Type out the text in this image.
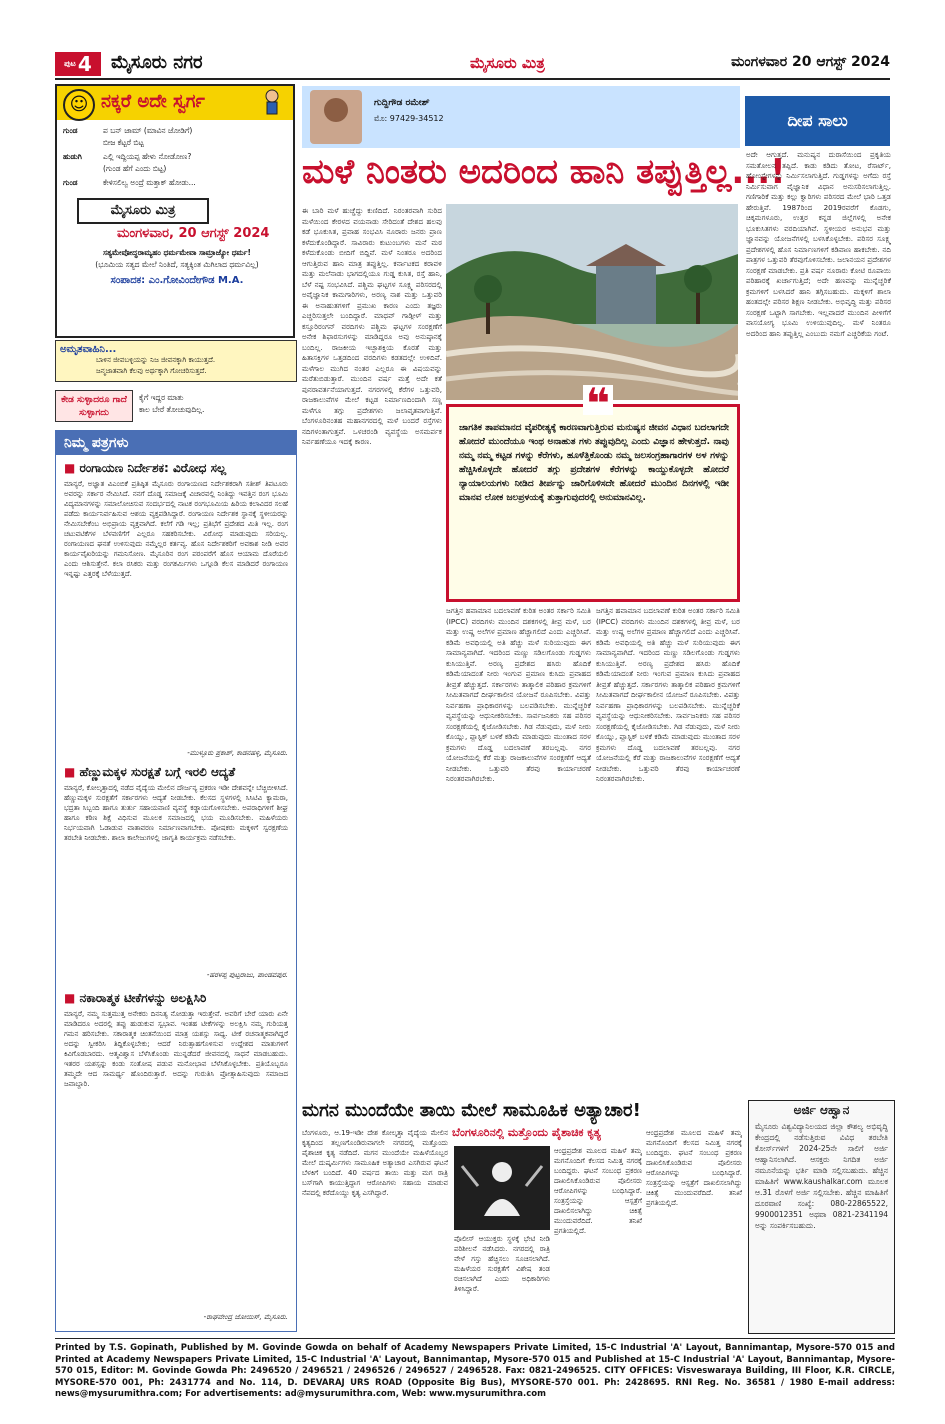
$^{ಪುಟ}$ 4	ಮೈಸೂರು ನಗರ	ಮೈಸೂರು ಮಿತ್ರ	ಮಂಗಳವಾರ 20 ಆಗಸ್ಟ್ 2024
☺ ನಕ್ಕರೆ ಅದೇ ಸ್ವರ್ಗ
ಗುಂಡ	ಪ ಬನ್ ಜಾಮ್ (ಮಾವಿನ ಜೋಡಿಗೆ)
ಬೀಜ ಕೆಟ್ಟರೆ ಬಿಟ್ಟ
ಹುಡುಗಿ	ಎಲ್ಲಿ ಇದ್ದಿಯಪ್ಪ ಹೇಳು ನೋಡೋಣ?
(ಗುಂಡ ಹೆಗೆ ಎಂದು ಬಿಟ್ಟ)
ಗುಂಡ	ಕೇಳಿಸಲಿಲ್ವ ಅಂದ್ರೆ ಮತ್ತಾಕ್ ಹೋಡು...
ಮೈಸೂರು ಮಿತ್ರ
ಮಂಗಳವಾರ, 20 ಆಗಸ್ಟ್ 2024
ಸತ್ಯಮೇವೋದ್ಧರಾಮ್ಯಹಂ ಧರ್ಮಮೇವಾ ಸಾಮ್ರಾಜ್ಯೋ ಧರ್ಮ!
(ಭೂಮಿಯ ಸತ್ಯದ ಮೇಲೆ ನಿಂತಿದೆ, ಸತ್ಯಕ್ಕಿಂತ ಮಿಗಿಲಾದ ಧರ್ಮವಿಲ್ಲ)
ಸಂಪಾದಕ: ಎಂ.ಗೋವಿಂದೇಗೌಡ M.A.
ಅಮೃತವಾಹಿನಿ...
ಬಾಳಿನ ಜೀವಬಳ್ಳಿಯನ್ನು ನಿಜ ಜೀವನಕ್ಕಾಗಿ ಕಾಯುತ್ತದೆ.
ಜನ್ಮಜಾತವಾಗಿ ಕೆಲವು ಅರ್ಥಕ್ಕಾಗಿ ಗೋಚರಿಸುತ್ತದೆ.
ಕೇಡ ಸುಳ್ಳಾದರೂ ಗಾದೆ ಸುಳ್ಳಾಗದು
ಕೈಗೆ ಇದ್ದರ ಮಾತು
ಕಾಲ ಬೇರೆ ತೋಚುವುದಿಲ್ಲ.
ನಿಮ್ಮ ಪತ್ರಗಳು
■ ರಂಗಾಯಣ ನಿರ್ದೇಶಕ: ವಿರೋಧ ಸಲ್ಲ
ಮಾನ್ಯರೆ, ಅಜ್ಞಾತ ವಿಎಂಬಿಕೆ ಪ್ರತಿಷ್ಠಿತ ಮೈಸೂರು ರಂಗಾಯಣದ ನಿರ್ದೇಶಕರಾಗಿ ಸತೀಶ್ ತಿಪಟೂರು ಅವರನ್ನು ಸರ್ಕಾರ ನೇಮಿಸಿದೆ. ನನಗೆ ದೊಡ್ಡ ಸಮಾಜಕ್ಕೆ ವಿಚಾರವಲ್ಲಿ ನಿಂತಿದ್ದು ಇವತ್ತಿನ ರಂಗ ಭೂಮಿ ವಿದ್ಯಮಾನಗಳನ್ನು ಸಮಾಲೋಚಿಸುವ ಸಂದರ್ಭದಲ್ಲಿ ನಾಟಕ ರಂಗಭೂಮಿಯ ಹಿರಿಯ ಕಲಾವಿದರ ಸಲಹೆ ಪಡೆದು ಕಾರ್ಯನಿರ್ವಹಿಸುವ ಆಶಯ ವ್ಯಕ್ತಪಡಿಸಿದ್ದಾರೆ. ರಂಗಾಯಣ ನಿರ್ದೇಶಕ ಸ್ಥಾನಕ್ಕೆ ಸ್ಥಳೀಯರನ್ನು ನೇಮಿಸಬೇಕೆಂಬ ಅಭಿಪ್ರಾಯ ವ್ಯಕ್ತವಾಗಿದೆ. ಕಲೆಗೆ ಗಡಿ ಇಲ್ಲ; ಪ್ರತಿಭೆಗೆ ಪ್ರದೇಶದ ಮಿತಿ ಇಲ್ಲ. ರಂಗ ಚಟುವಟಿಕೆಗಳ ಬೆಳವಣಿಗೆಗೆ ಎಲ್ಲರೂ ಸಹಕರಿಸಬೇಕು. ವಿರೋಧ ಮಾಡುವುದು ಸರಿಯಲ್ಲ. ರಂಗಾಯಣದ ಘನತೆ ಉಳಿಸುವುದು ನಮ್ಮೆಲ್ಲರ ಕರ್ತವ್ಯ. ಹೊಸ ನಿರ್ದೇಶಕರಿಗೆ ಅವಕಾಶ ನೀಡಿ ಅವರ ಕಾರ್ಯವೈಖರಿಯನ್ನು ಗಮನಿಸೋಣ. ಮೈಸೂರಿನ ರಂಗ ಪರಂಪರೆಗೆ ಹೊಸ ಆಯಾಮ ದೊರೆಯಲಿ ಎಂದು ಆಶಿಸುತ್ತೇನೆ. ಕಲಾ ರಸಿಕರು ಮತ್ತು ರಂಗಕರ್ಮಿಗಳು ಒಗ್ಗೂಡಿ ಕೆಲಸ ಮಾಡಿದರೆ ರಂಗಾಯಣ ಇನ್ನಷ್ಟು ಎತ್ತರಕ್ಕೆ ಬೆಳೆಯುತ್ತದೆ.
-ಮುಳ್ಳೂರು ಪ್ರಕಾಶ್, ಕಾಡನಹಳ್ಳಿ, ಮೈಸೂರು.
■ ಹೆಣ್ಣುಮಕ್ಕಳ ಸುರಕ್ಷತೆ ಬಗ್ಗೆ ಇರಲಿ ಆದ್ಯತೆ
ಮಾನ್ಯರೆ, ಕೋಲ್ಕತ್ತಾದಲ್ಲಿ ನಡೆದ ವೈದ್ಯೆಯ ಮೇಲಿನ ದೌರ್ಜನ್ಯ ಪ್ರಕರಣ ಇಡೀ ದೇಶವನ್ನೇ ಬೆಚ್ಚಿಬೀಳಿಸಿದೆ. ಹೆಣ್ಣುಮಕ್ಕಳ ಸುರಕ್ಷತೆಗೆ ಸರ್ಕಾರಗಳು ಆದ್ಯತೆ ನೀಡಬೇಕು. ಕೆಲಸದ ಸ್ಥಳಗಳಲ್ಲಿ ಸಿಸಿಟಿವಿ ಕ್ಯಾಮರಾ, ಭದ್ರತಾ ಸಿಬ್ಬಂದಿ ಹಾಗೂ ತುರ್ತು ಸಹಾಯವಾಣಿ ವ್ಯವಸ್ಥೆ ಕಡ್ಡಾಯಗೊಳಿಸಬೇಕು. ಅಪರಾಧಿಗಳಿಗೆ ಶೀಘ್ರ ಹಾಗೂ ಕಠಿಣ ಶಿಕ್ಷೆ ವಿಧಿಸುವ ಮೂಲಕ ಸಮಾಜದಲ್ಲಿ ಭಯ ಮೂಡಿಸಬೇಕು. ಮಹಿಳೆಯರು ನಿರ್ಭಯವಾಗಿ ಓಡಾಡುವ ವಾತಾವರಣ ನಿರ್ಮಾಣವಾಗಬೇಕು. ಪೋಷಕರು ಮಕ್ಕಳಿಗೆ ಸ್ವರಕ್ಷಣೆಯ ತರಬೇತಿ ನೀಡಬೇಕು. ಶಾಲಾ ಕಾಲೇಜುಗಳಲ್ಲಿ ಜಾಗೃತಿ ಕಾರ್ಯಕ್ರಮ ನಡೆಸಬೇಕು.
-ಹರಳಪ್ಪ ಪುಟ್ಟರಾಜು, ಪಾಂಡವಪುರ.
■ ನಕಾರಾತ್ಮಕ ಟೀಕೆಗಳನ್ನು ಅಲಕ್ಷಿಸಿರಿ
ಮಾನ್ಯರೆ, ನಮ್ಮ ಸುತ್ತಮುತ್ತ ಅನೇಕರು ದಿನನಿತ್ಯ ನೋಡುತ್ತಾ ಇರುತ್ತೇವೆ. ಅವರಿಗೆ ಬೇರೆ ಯಾರು ಏನೇ ಮಾಡಿದರೂ ಅದರಲ್ಲಿ ತಪ್ಪು ಹುಡುಕುವ ಸ್ವಭಾವ. ಇಂತಹ ಟೀಕೆಗಳನ್ನು ಅಲಕ್ಷಿಸಿ ನಮ್ಮ ಗುರಿಯತ್ತ ಗಮನ ಹರಿಸಬೇಕು. ಸಕಾರಾತ್ಮಕ ಚಿಂತನೆಯಿಂದ ಮಾತ್ರ ಯಶಸ್ಸು ಸಾಧ್ಯ. ಟೀಕೆ ರಚನಾತ್ಮಕವಾಗಿದ್ದರೆ ಅದನ್ನು ಸ್ವೀಕರಿಸಿ ತಿದ್ದಿಕೊಳ್ಳಬೇಕು; ಆದರೆ ನಿರುತ್ಸಾಹಗೊಳಿಸುವ ಉದ್ದೇಶದ ಮಾತುಗಳಿಗೆ ಕಿವಿಗೊಡಬಾರದು. ಆತ್ಮವಿಶ್ವಾಸ ಬೆಳೆಸಿಕೊಂಡು ಮುನ್ನಡೆದರೆ ಜೀವನದಲ್ಲಿ ಸಾಧನೆ ಮಾಡಬಹುದು. ಇತರರ ಯಶಸ್ಸನ್ನು ಕಂಡು ಸಂತೋಷ ಪಡುವ ಮನೋಭಾವ ಬೆಳೆಸಿಕೊಳ್ಳಬೇಕು. ಪ್ರತಿಯೊಬ್ಬರೂ ತಮ್ಮದೇ ಆದ ಸಾಮರ್ಥ್ಯ ಹೊಂದಿರುತ್ತಾರೆ. ಅದನ್ನು ಗುರುತಿಸಿ ಪ್ರೋತ್ಸಾಹಿಸುವುದು ಸಮಾಜದ ಜವಾಬ್ದಾರಿ.
-ರಾಘವೇಂದ್ರ ಜೋಯಿಸ್, ಮೈಸೂರು.
ಗುದ್ದಿಗೌಡ ರಮೇಶ್
ಮೊ: 97429-34512	ದೀಪ ಸಾಲು
ಮಳೆ ನಿಂತರು ಅದರಿಂದ ಹಾನಿ ತಪ್ಪುತ್ತಿಲ್ಲ...!
ಈ ಬಾರಿ ಮಳೆ ಹುಚ್ಚೆದ್ದು ಕುಣಿದಿದೆ. ನಿರಂತರವಾಗಿ ಸುರಿದ ಮಳೆಯಿಂದ ಕೇರಳದ ವಯನಾಡು ಸೇರಿದಂತೆ ದೇಶದ ಹಲವು ಕಡೆ ಭೂಕುಸಿತ, ಪ್ರವಾಹ ಸಂಭವಿಸಿ ನೂರಾರು ಜನರು ಪ್ರಾಣ ಕಳೆದುಕೊಂಡಿದ್ದಾರೆ. ಸಾವಿರಾರು ಕುಟುಂಬಗಳು ಮನೆ ಮಠ ಕಳೆದುಕೊಂಡು ಬೀದಿಗೆ ಬಿದ್ದಿವೆ. ಮಳೆ ನಿಂತರೂ ಅದರಿಂದ ಆಗುತ್ತಿರುವ ಹಾನಿ ಮಾತ್ರ ತಪ್ಪುತ್ತಿಲ್ಲ. ಕರ್ನಾಟಕದ ಕರಾವಳಿ ಮತ್ತು ಮಲೆನಾಡು ಭಾಗದಲ್ಲಿಯೂ ಗುಡ್ಡ ಕುಸಿತ, ರಸ್ತೆ ಹಾನಿ, ಬೆಳೆ ನಷ್ಟ ಸಂಭವಿಸಿದೆ. ಪಶ್ಚಿಮ ಘಟ್ಟಗಳ ಸೂಕ್ಷ್ಮ ಪರಿಸರದಲ್ಲಿ ಅವೈಜ್ಞಾನಿಕ ಕಾಮಗಾರಿಗಳು, ಅರಣ್ಯ ನಾಶ ಮತ್ತು ಒತ್ತುವರಿ ಈ ಅನಾಹುತಗಳಿಗೆ ಪ್ರಮುಖ ಕಾರಣ ಎಂದು ತಜ್ಞರು ಎಚ್ಚರಿಸುತ್ತಲೇ ಬಂದಿದ್ದಾರೆ. ಮಾಧವ್ ಗಾಡ್ಗೀಳ್ ಮತ್ತು ಕಸ್ತೂರಿರಂಗನ್ ವರದಿಗಳು ಪಶ್ಚಿಮ ಘಟ್ಟಗಳ ಸಂರಕ್ಷಣೆಗೆ ಅನೇಕ ಶಿಫಾರಸುಗಳನ್ನು ಮಾಡಿದ್ದರೂ ಅವು ಅನುಷ್ಠಾನಕ್ಕೆ ಬಂದಿಲ್ಲ. ರಾಜಕೀಯ ಇಚ್ಛಾಶಕ್ತಿಯ ಕೊರತೆ ಮತ್ತು ಹಿತಾಸಕ್ತಿಗಳ ಒತ್ತಡದಿಂದ ವರದಿಗಳು ಕಡತದಲ್ಲೇ ಉಳಿದಿವೆ. ಮಳೆಗಾಲ ಮುಗಿದ ನಂತರ ಎಲ್ಲರೂ ಈ ವಿಷಯವನ್ನು ಮರೆತುಬಿಡುತ್ತಾರೆ. ಮುಂದಿನ ವರ್ಷ ಮತ್ತೆ ಅದೇ ಕತೆ ಪುನರಾವರ್ತನೆಯಾಗುತ್ತದೆ. ನಗರಗಳಲ್ಲಿ ಕೆರೆಗಳ ಒತ್ತುವರಿ, ರಾಜಕಾಲುವೆಗಳ ಮೇಲೆ ಕಟ್ಟಡ ನಿರ್ಮಾಣದಿಂದಾಗಿ ಸಣ್ಣ ಮಳೆಗೂ ತಗ್ಗು ಪ್ರದೇಶಗಳು ಜಲಾವೃತವಾಗುತ್ತಿವೆ. ಬೆಂಗಳೂರಿನಂತಹ ಮಹಾನಗರದಲ್ಲಿ ಮಳೆ ಬಂದರೆ ರಸ್ತೆಗಳು ನದಿಗಳಂತಾಗುತ್ತವೆ. ಒಳಚರಂಡಿ ವ್ಯವಸ್ಥೆಯ ಅಸಮರ್ಪಕ ನಿರ್ವಹಣೆಯೂ ಇದಕ್ಕೆ ಕಾರಣ.
❝
ಜಾಗತಿಕ ತಾಪಮಾನದ ವೈಪರೀತ್ಯಕ್ಕೆ ಕಾರಣವಾಗುತ್ತಿರುವ ಮನುಷ್ಯನ ಜೀವನ ವಿಧಾನ ಬದಲಾಗದೇ ಹೋದರೆ ಮುಂದೆಯೂ ಇಂಥ ಅನಾಹುತ ಗಳು ತಪ್ಪುವುದಿಲ್ಲ ಎಂದು ವಿಜ್ಞಾನ ಹೇಳುತ್ತದೆ. ನಾವು ನಮ್ಮ ನಮ್ಮ ಕಟ್ಟಡ ಗಳನ್ನು ಕೆರೆಗಳು, ಹೂಳೆತ್ತಿಕೊಂಡು ನಮ್ಮ ಜಲಸಂಗ್ರಹಾಗಾರಗಳ ಅಳ ಗಳನ್ನು ಹೆಚ್ಚಿಸಿಕೊಳ್ಳದೇ ಹೋದರೆ ತಗ್ಗು ಪ್ರದೇಶಗಳ ಕೆರೆಗಳನ್ನು ಕಾಯ್ದುಕೊಳ್ಳದೇ ಹೋದರೆ ನ್ಯಾಯಾಲಯಗಳು ನೀಡಿದ ತೀರ್ಪನ್ನು ಜಾರಿಗೊಳಿಸದೇ ಹೋದರೆ ಮುಂದಿನ ದಿನಗಳಲ್ಲಿ ಇಡೀ ಮಾನವ ಲೋಕ ಜಲಪ್ರಳಯಕ್ಕೆ ತುತ್ತಾಗುವುದರಲ್ಲಿ ಅನುಮಾನವಿಲ್ಲ.
ಜಗತ್ತಿನ ಹವಾಮಾನ ಬದಲಾವಣೆ ಕುರಿತ ಅಂತರ ಸರ್ಕಾರಿ ಸಮಿತಿ (IPCC) ವರದಿಗಳು ಮುಂದಿನ ದಶಕಗಳಲ್ಲಿ ತೀವ್ರ ಮಳೆ, ಬರ ಮತ್ತು ಉಷ್ಣ ಅಲೆಗಳ ಪ್ರಮಾಣ ಹೆಚ್ಚಾಗಲಿದೆ ಎಂದು ಎಚ್ಚರಿಸಿವೆ. ಕಡಿಮೆ ಅವಧಿಯಲ್ಲಿ ಅತಿ ಹೆಚ್ಚು ಮಳೆ ಸುರಿಯುವುದು ಈಗ ಸಾಮಾನ್ಯವಾಗಿದೆ. ಇದರಿಂದ ಮಣ್ಣು ಸಡಿಲಗೊಂಡು ಗುಡ್ಡಗಳು ಕುಸಿಯುತ್ತಿವೆ. ಅರಣ್ಯ ಪ್ರದೇಶದ ಹಸಿರು ಹೊದಿಕೆ ಕಡಿಮೆಯಾದಂತೆ ನೀರು ಇಂಗುವ ಪ್ರಮಾಣ ಕುಸಿದು ಪ್ರವಾಹದ ತೀವ್ರತೆ ಹೆಚ್ಚುತ್ತದೆ. ಸರ್ಕಾರಗಳು ತಾತ್ಕಾಲಿಕ ಪರಿಹಾರ ಕ್ರಮಗಳಿಗೆ ಸೀಮಿತವಾಗದೆ ದೀರ್ಘಕಾಲೀನ ಯೋಜನೆ ರೂಪಿಸಬೇಕು. ವಿಪತ್ತು ನಿರ್ವಹಣಾ ಪ್ರಾಧಿಕಾರಗಳನ್ನು ಬಲಪಡಿಸಬೇಕು. ಮುನ್ನೆಚ್ಚರಿಕೆ ವ್ಯವಸ್ಥೆಯನ್ನು ಆಧುನೀಕರಿಸಬೇಕು. ಸಾರ್ವಜನಿಕರು ಸಹ ಪರಿಸರ ಸಂರಕ್ಷಣೆಯಲ್ಲಿ ಕೈಜೋಡಿಸಬೇಕು. ಗಿಡ ನೆಡುವುದು, ಮಳೆ ನೀರು ಕೊಯ್ಲು, ಪ್ಲಾಸ್ಟಿಕ್ ಬಳಕೆ ಕಡಿಮೆ ಮಾಡುವುದು ಮುಂತಾದ ಸರಳ ಕ್ರಮಗಳು ದೊಡ್ಡ ಬದಲಾವಣೆ ತರಬಲ್ಲವು. ನಗರ ಯೋಜನೆಯಲ್ಲಿ ಕೆರೆ ಮತ್ತು ರಾಜಕಾಲುವೆಗಳ ಸಂರಕ್ಷಣೆಗೆ ಆದ್ಯತೆ ನೀಡಬೇಕು. ಒತ್ತುವರಿ ತೆರವು ಕಾರ್ಯಾಚರಣೆ ನಿರಂತರವಾಗಿರಬೇಕು.
ಜಗತ್ತಿನ ಹವಾಮಾನ ಬದಲಾವಣೆ ಕುರಿತ ಅಂತರ ಸರ್ಕಾರಿ ಸಮಿತಿ (IPCC) ವರದಿಗಳು ಮುಂದಿನ ದಶಕಗಳಲ್ಲಿ ತೀವ್ರ ಮಳೆ, ಬರ ಮತ್ತು ಉಷ್ಣ ಅಲೆಗಳ ಪ್ರಮಾಣ ಹೆಚ್ಚಾಗಲಿದೆ ಎಂದು ಎಚ್ಚರಿಸಿವೆ. ಕಡಿಮೆ ಅವಧಿಯಲ್ಲಿ ಅತಿ ಹೆಚ್ಚು ಮಳೆ ಸುರಿಯುವುದು ಈಗ ಸಾಮಾನ್ಯವಾಗಿದೆ. ಇದರಿಂದ ಮಣ್ಣು ಸಡಿಲಗೊಂಡು ಗುಡ್ಡಗಳು ಕುಸಿಯುತ್ತಿವೆ. ಅರಣ್ಯ ಪ್ರದೇಶದ ಹಸಿರು ಹೊದಿಕೆ ಕಡಿಮೆಯಾದಂತೆ ನೀರು ಇಂಗುವ ಪ್ರಮಾಣ ಕುಸಿದು ಪ್ರವಾಹದ ತೀವ್ರತೆ ಹೆಚ್ಚುತ್ತದೆ. ಸರ್ಕಾರಗಳು ತಾತ್ಕಾಲಿಕ ಪರಿಹಾರ ಕ್ರಮಗಳಿಗೆ ಸೀಮಿತವಾಗದೆ ದೀರ್ಘಕಾಲೀನ ಯೋಜನೆ ರೂಪಿಸಬೇಕು. ವಿಪತ್ತು ನಿರ್ವಹಣಾ ಪ್ರಾಧಿಕಾರಗಳನ್ನು ಬಲಪಡಿಸಬೇಕು. ಮುನ್ನೆಚ್ಚರಿಕೆ ವ್ಯವಸ್ಥೆಯನ್ನು ಆಧುನೀಕರಿಸಬೇಕು. ಸಾರ್ವಜನಿಕರು ಸಹ ಪರಿಸರ ಸಂರಕ್ಷಣೆಯಲ್ಲಿ ಕೈಜೋಡಿಸಬೇಕು. ಗಿಡ ನೆಡುವುದು, ಮಳೆ ನೀರು ಕೊಯ್ಲು, ಪ್ಲಾಸ್ಟಿಕ್ ಬಳಕೆ ಕಡಿಮೆ ಮಾಡುವುದು ಮುಂತಾದ ಸರಳ ಕ್ರಮಗಳು ದೊಡ್ಡ ಬದಲಾವಣೆ ತರಬಲ್ಲವು. ನಗರ ಯೋಜನೆಯಲ್ಲಿ ಕೆರೆ ಮತ್ತು ರಾಜಕಾಲುವೆಗಳ ಸಂರಕ್ಷಣೆಗೆ ಆದ್ಯತೆ ನೀಡಬೇಕು. ಒತ್ತುವರಿ ತೆರವು ಕಾರ್ಯಾಚರಣೆ ನಿರಂತರವಾಗಿರಬೇಕು.
ಅದೇ ಆಗುತ್ತದೆ. ಮನುಷ್ಯನ ದುರಾಸೆಯಿಂದ ಪ್ರಕೃತಿಯ ಸಮತೋಲನ ತಪ್ಪಿದೆ. ಕಾಡು ಕಡಿದು ತೋಟ, ರೆಸಾರ್ಟ್, ಹೋಂಸ್ಟೇಗಳನ್ನು ನಿರ್ಮಿಸಲಾಗುತ್ತಿದೆ. ಗುಡ್ಡಗಳನ್ನು ಅಗೆದು ರಸ್ತೆ ನಿರ್ಮಿಸುವಾಗ ವೈಜ್ಞಾನಿಕ ವಿಧಾನ ಅನುಸರಿಸಲಾಗುತ್ತಿಲ್ಲ. ಗಣಿಗಾರಿಕೆ ಮತ್ತು ಕಲ್ಲು ಕ್ವಾರಿಗಳು ಪರಿಸರದ ಮೇಲೆ ಭಾರಿ ಒತ್ತಡ ಹೇರುತ್ತಿವೆ. 1987ರಿಂದ 2019ರವರೆಗೆ ಕೊಡಗು, ಚಿಕ್ಕಮಗಳೂರು, ಉತ್ತರ ಕನ್ನಡ ಜಿಲ್ಲೆಗಳಲ್ಲಿ ಅನೇಕ ಭೂಕುಸಿತಗಳು ವರದಿಯಾಗಿವೆ. ಸ್ಥಳೀಯರ ಅನುಭವ ಮತ್ತು ಜ್ಞಾನವನ್ನು ಯೋಜನೆಗಳಲ್ಲಿ ಬಳಸಿಕೊಳ್ಳಬೇಕು. ಪರಿಸರ ಸೂಕ್ಷ್ಮ ಪ್ರದೇಶಗಳಲ್ಲಿ ಹೊಸ ನಿರ್ಮಾಣಗಳಿಗೆ ಕಡಿವಾಣ ಹಾಕಬೇಕು. ನದಿ ಪಾತ್ರಗಳ ಒತ್ತುವರಿ ತೆರವುಗೊಳಿಸಬೇಕು. ಜಲಾನಯನ ಪ್ರದೇಶಗಳ ಸಂರಕ್ಷಣೆ ಮಾಡಬೇಕು. ಪ್ರತಿ ವರ್ಷ ನೂರಾರು ಕೋಟಿ ರೂಪಾಯಿ ಪರಿಹಾರಕ್ಕೆ ಖರ್ಚಾಗುತ್ತಿದೆ; ಅದೇ ಹಣವನ್ನು ಮುನ್ನೆಚ್ಚರಿಕೆ ಕ್ರಮಗಳಿಗೆ ಬಳಸಿದರೆ ಹಾನಿ ತಗ್ಗಿಸಬಹುದು. ಮಕ್ಕಳಿಗೆ ಶಾಲಾ ಹಂತದಲ್ಲೇ ಪರಿಸರ ಶಿಕ್ಷಣ ನೀಡಬೇಕು. ಅಭಿವೃದ್ಧಿ ಮತ್ತು ಪರಿಸರ ಸಂರಕ್ಷಣೆ ಒಟ್ಟಾಗಿ ಸಾಗಬೇಕು. ಇಲ್ಲವಾದರೆ ಮುಂದಿನ ಪೀಳಿಗೆಗೆ ವಾಸಯೋಗ್ಯ ಭೂಮಿ ಉಳಿಯುವುದಿಲ್ಲ. ಮಳೆ ನಿಂತರೂ ಅದರಿಂದ ಹಾನಿ ತಪ್ಪುತ್ತಿಲ್ಲ ಎಂಬುದು ನಮಗೆ ಎಚ್ಚರಿಕೆಯ ಗಂಟೆ.
ಮಗನ ಮುಂದೆಯೇ ತಾಯಿ ಮೇಲೆ ಸಾಮೂಹಿಕ ಅತ್ಯಾಚಾರ!
ಬೆಂಗಳೂರಿನಲ್ಲಿ ಮತ್ತೊಂದು ಪೈಶಾಚಿಕ ಕೃತ್ಯ
ಬೆಂಗಳೂರು, ಆ.19-ಇಡೀ ದೇಶ ಕೋಲ್ಕತ್ತಾ ವೈದ್ಯೆಯ ಮೇಲಿನ ಕೃತ್ಯದಿಂದ ತಲ್ಲಣಗೊಂಡಿರುವಾಗಲೇ ನಗರದಲ್ಲಿ ಮತ್ತೊಂದು ಪೈಶಾಚಿಕ ಕೃತ್ಯ ನಡೆದಿದೆ. ಮಗನ ಮುಂದೆಯೇ ಮಹಿಳೆಯೊಬ್ಬರ ಮೇಲೆ ದುಷ್ಕರ್ಮಿಗಳು ಸಾಮೂಹಿಕ ಅತ್ಯಾಚಾರ ಎಸಗಿರುವ ಘಟನೆ ಬೆಳಕಿಗೆ ಬಂದಿದೆ. 40 ವರ್ಷದ ತಾಯಿ ಮತ್ತು ಮಗ ರಾತ್ರಿ ಬಸ್‌ಗಾಗಿ ಕಾಯುತ್ತಿದ್ದಾಗ ಆರೋಪಿಗಳು ಸಹಾಯ ಮಾಡುವ ನೆಪದಲ್ಲಿ ಕರೆದೊಯ್ದು ಕೃತ್ಯ ಎಸಗಿದ್ದಾರೆ.
ಆಂಧ್ರಪ್ರದೇಶ ಮೂಲದ ಮಹಿಳೆ ತಮ್ಮ ಮಗನೊಂದಿಗೆ ಕೆಲಸದ ನಿಮಿತ್ತ ನಗರಕ್ಕೆ ಬಂದಿದ್ದರು. ಘಟನೆ ಸಂಬಂಧ ಪ್ರಕರಣ ದಾಖಲಿಸಿಕೊಂಡಿರುವ ಪೊಲೀಸರು ಆರೋಪಿಗಳನ್ನು ಬಂಧಿಸಿದ್ದಾರೆ. ಸಂತ್ರಸ್ತೆಯನ್ನು ಆಸ್ಪತ್ರೆಗೆ ದಾಖಲಿಸಲಾಗಿದ್ದು ಚಿಕಿತ್ಸೆ ಮುಂದುವರೆದಿದೆ. ತನಿಖೆ ಪ್ರಗತಿಯಲ್ಲಿದೆ.
ಪೊಲೀಸ್ ಆಯುಕ್ತರು ಸ್ಥಳಕ್ಕೆ ಭೇಟಿ ನೀಡಿ ಪರಿಶೀಲನೆ ನಡೆಸಿದರು. ನಗರದಲ್ಲಿ ರಾತ್ರಿ ವೇಳೆ ಗಸ್ತು ಹೆಚ್ಚಿಸಲು ಸೂಚಿಸಲಾಗಿದೆ. ಮಹಿಳೆಯರ ಸುರಕ್ಷತೆಗೆ ವಿಶೇಷ ತಂಡ ರಚಿಸಲಾಗಿದೆ ಎಂದು ಅಧಿಕಾರಿಗಳು ತಿಳಿಸಿದ್ದಾರೆ.
ಆಂಧ್ರಪ್ರದೇಶ ಮೂಲದ ಮಹಿಳೆ ತಮ್ಮ ಮಗನೊಂದಿಗೆ ಕೆಲಸದ ನಿಮಿತ್ತ ನಗರಕ್ಕೆ ಬಂದಿದ್ದರು. ಘಟನೆ ಸಂಬಂಧ ಪ್ರಕರಣ ದಾಖಲಿಸಿಕೊಂಡಿರುವ ಪೊಲೀಸರು ಆರೋಪಿಗಳನ್ನು ಬಂಧಿಸಿದ್ದಾರೆ. ಸಂತ್ರಸ್ತೆಯನ್ನು ಆಸ್ಪತ್ರೆಗೆ ದಾಖಲಿಸಲಾಗಿದ್ದು ಚಿಕಿತ್ಸೆ ಮುಂದುವರೆದಿದೆ. ತನಿಖೆ ಪ್ರಗತಿಯಲ್ಲಿದೆ.
ಅರ್ಜಿ ಆಹ್ವಾನ
ಮೈಸೂರು ವಿಶ್ವವಿದ್ಯಾನಿಲಯದ ಜಿಲ್ಲಾ ಕೌಶಲ್ಯ ಅಭಿವೃದ್ಧಿ ಕೇಂದ್ರದಲ್ಲಿ ನಡೆಸುತ್ತಿರುವ ವಿವಿಧ ತರಬೇತಿ ಕೋರ್ಸ್‌ಗಳಿಗೆ 2024-25ನೇ ಸಾಲಿಗೆ ಅರ್ಜಿ ಆಹ್ವಾನಿಸಲಾಗಿದೆ. ಆಸಕ್ತರು ನಿಗದಿತ ಅರ್ಜಿ ನಮೂನೆಯನ್ನು ಭರ್ತಿ ಮಾಡಿ ಸಲ್ಲಿಸಬಹುದು. ಹೆಚ್ಚಿನ ಮಾಹಿತಿಗೆ www.kaushalkar.com ಮೂಲಕ ಆ.31 ರೊಳಗೆ ಅರ್ಜಿ ಸಲ್ಲಿಸಬೇಕು. ಹೆಚ್ಚಿನ ಮಾಹಿತಿಗೆ ದೂರವಾಣಿ ಸಂಖ್ಯೆ: 080-22865522, 9900012351 ಅಥವಾ 0821-2341194 ಅನ್ನು ಸಂಪರ್ಕಿಸಬಹುದು.
Printed by T.S. Gopinath, Published by M. Govinde Gowda on behalf of Academy Newspapers Private Limited, 15-C Industrial 'A' Layout, Bannimantap, Mysore-570 015 and Printed at Academy Newspapers Private Limited, 15-C Industrial 'A' Layout, Bannimantap, Mysore-570 015 and Published at 15-C Industrial 'A' Layout, Bannimantap, Mysore-570 015, Editor: M. Govinde Gowda Ph: 2496520 / 2496521 / 2496526 / 2496527 / 2496528. Fax: 0821-2496525. CITY OFFICES: Visveswaraya Building, III Floor, K.R. CIRCLE, MYSORE-570 001, Ph: 2431774 and No. 114, D. DEVARAJ URS ROAD (Opposite Big Bus), MYSORE-570 001. Ph: 2428695. RNI Reg. No. 36581 / 1980 E-mail address: news@mysurumithra.com; For advertisements: ad@mysurumithra.com, Web: www.mysurumithra.com
